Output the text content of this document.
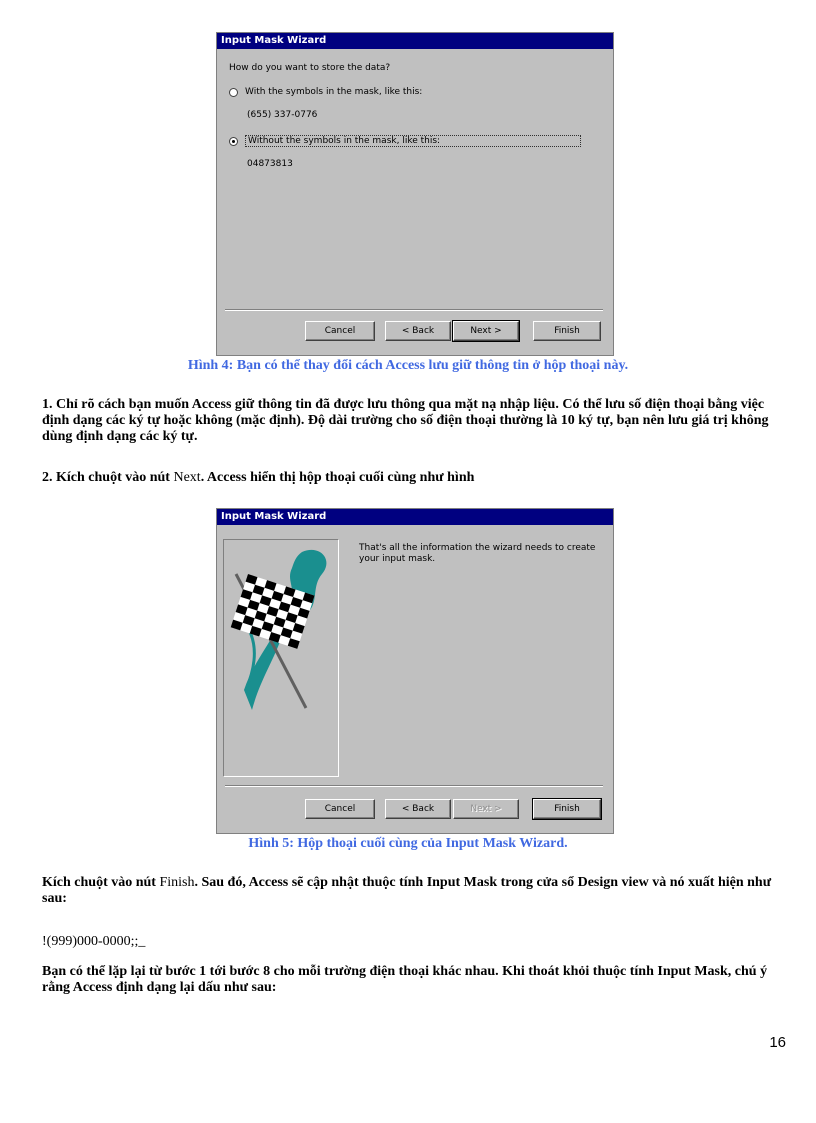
Input Mask Wizard
How do you want to store the data?
With the symbols in the mask, like this:
(655) 337-0776
Without the symbols in the mask, like this:
04873813
Cancel	< Back	Next >	Finish
Hình 4: Bạn có thể thay đổi cách Access lưu giữ thông tin ở hộp thoại này.

1. Chỉ rõ cách bạn muốn Access giữ thông tin đã được lưu thông qua mặt nạ nhập liệu. Có thể lưu số điện thoại bằng việc định dạng các ký tự hoặc không (mặc định). Độ dài trường cho số điện thoại thường là 10 ký tự, bạn nên lưu giá trị không dùng định dạng các ký tự.

2. Kích chuột vào nút Next. Access hiển thị hộp thoại cuối cùng như hình

Input Mask Wizard
That's all the information the wizard needs to create your input mask.
Cancel	< Back	Next >	Finish
Hình 5: Hộp thoại cuối cùng của Input Mask Wizard.

Kích chuột vào nút Finish. Sau đó, Access sẽ cập nhật thuộc tính Input Mask trong cửa sổ Design view và nó xuất hiện như sau:

!(999)000-0000;;_

Bạn có thể lặp lại từ bước 1 tới bước 8 cho mỗi trường điện thoại khác nhau. Khi thoát khỏi thuộc tính Input Mask, chú ý rằng Access định dạng lại dấu như sau:

16
